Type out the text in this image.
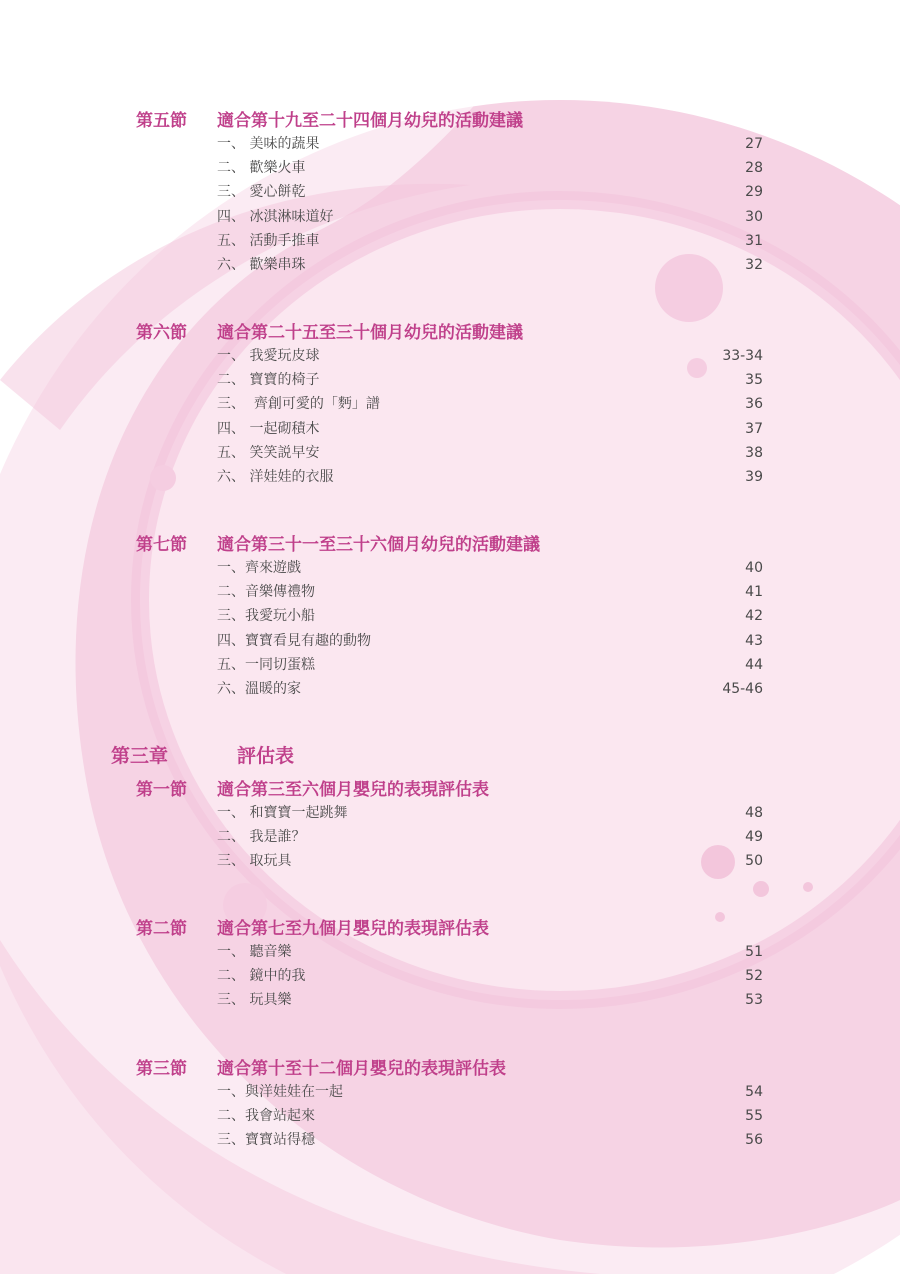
第五節 適合第十九至二十四個月幼兒的活動建議
一、 美味的蔬果	27
二、 歡樂火車	28
三、 愛心餅乾	29
四、 冰淇淋味道好	30
五、 活動手推車	31
六、 歡樂串珠	32
第六節 適合第二十五至三十個月幼兒的活動建議
一、 我愛玩皮球	33-34
二、 寶寶的椅子	35
三、  齊創可愛的「麪」譜	36
四、 一起砌積木	37
五、 笑笑説早安	38
六、 洋娃娃的衣服	39
第七節 適合第三十一至三十六個月幼兒的活動建議
一、齊來遊戲	40
二、音樂傳禮物	41
三、我愛玩小船	42
四、寶寶看見有趣的動物	43
五、一同切蛋糕	44
六、溫暖的家	45-46
第三章	評估表
第一節 適合第三至六個月嬰兒的表現評估表
一、 和寶寶一起跳舞	48
二、 我是誰？	49
三、 取玩具	50
第二節 適合第七至九個月嬰兒的表現評估表
一、 聽音樂	51
二、 鏡中的我	52
三、 玩具樂	53
第三節 適合第十至十二個月嬰兒的表現評估表
一、與洋娃娃在一起	54
二、我會站起來	55
三、寶寶站得穩	56
